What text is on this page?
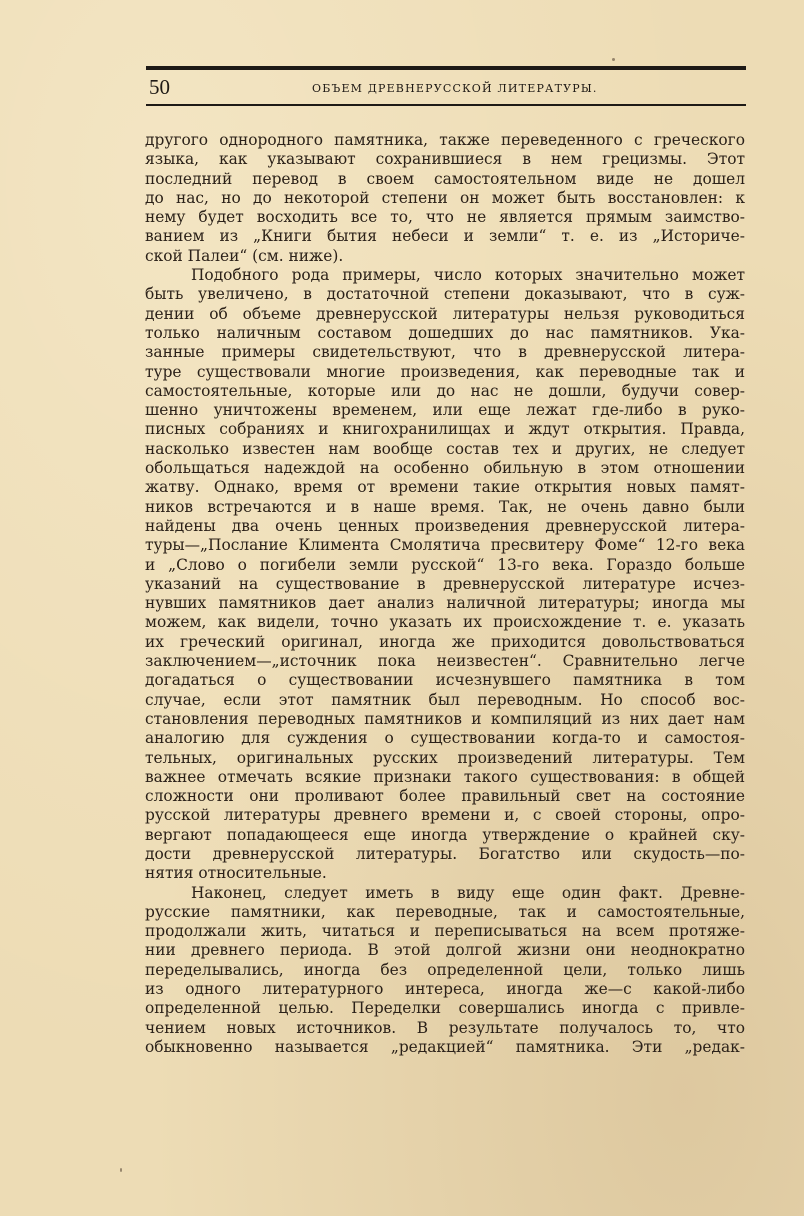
50	ОБЪЕМ ДРЕВНЕРУССКОЙ ЛИТЕРАТУРЫ.
другого однородного памятника, также переведенного с греческого
языка, как указывают сохранившиеся в нем грецизмы. Этот
последний перевод в своем самостоятельном виде не дошел
до нас, но до некоторой степени он может быть восстановлен: к
нему будет восходить все то, что не является прямым заимство-
ванием из „Книги бытия небеси и земли“ т. е. из „Историче-
ской Палеи“ (см. ниже).
Подобного рода примеры, число которых значительно может
быть увеличено, в достаточной степени доказывают, что в суж-
дении об объеме древнерусской литературы нельзя руководиться
только наличным составом дошедших до нас памятников. Ука-
занные примеры свидетельствуют, что в древнерусской литера-
туре существовали многие произведения, как переводные так и
самостоятельные, которые или до нас не дошли, будучи совер-
шенно уничтожены временем, или еще лежат где-либо в руко-
писных собраниях и книгохранилищах и ждут открытия. Правда,
насколько известен нам вообще состав тех и других, не следует
обольщаться надеждой на особенно обильную в этом отношении
жатву. Однако, время от времени такие открытия новых памят-
ников встречаются и в наше время. Так, не очень давно были
найдены два очень ценных произведения древнерусской литера-
туры—„Послание Климента Смолятича пресвитеру Фоме“ 12-го века
и „Слово о погибели земли русской“ 13-го века. Гораздо больше
указаний на существование в древнерусской литературе исчез-
нувших памятников дает анализ наличной литературы; иногда мы
можем, как видели, точно указать их происхождение т. е. указать
их греческий оригинал, иногда же приходится довольствоваться
заключением—„источник пока неизвестен“. Сравнительно легче
догадаться о существовании исчезнувшего памятника в том
случае, если этот памятник был переводным. Но способ вос-
становления переводных памятников и компиляций из них дает нам
аналогию для суждения о существовании когда-то и самостоя-
тельных, оригинальных русских произведений литературы. Тем
важнее отмечать всякие признаки такого существования: в общей
сложности они проливают более правильный свет на состояние
русской литературы древнего времени и, с своей стороны, опро-
вергают попадающееся еще иногда утверждение о крайней ску-
дости древнерусской литературы. Богатство или скудость—по-
нятия относительные.
Наконец, следует иметь в виду еще один факт. Древне-
русские памятники, как переводные, так и самостоятельные,
продолжали жить, читаться и переписываться на всем протяже-
нии древнего периода. В этой долгой жизни они неоднократно
переделывались, иногда без определенной цели, только лишь
из одного литературного интереса, иногда же—с какой-либо
определенной целью. Переделки совершались иногда с привле-
чением новых источников. В результате получалось то, что
обыкновенно называется „редакцией“ памятника. Эти „редак-
